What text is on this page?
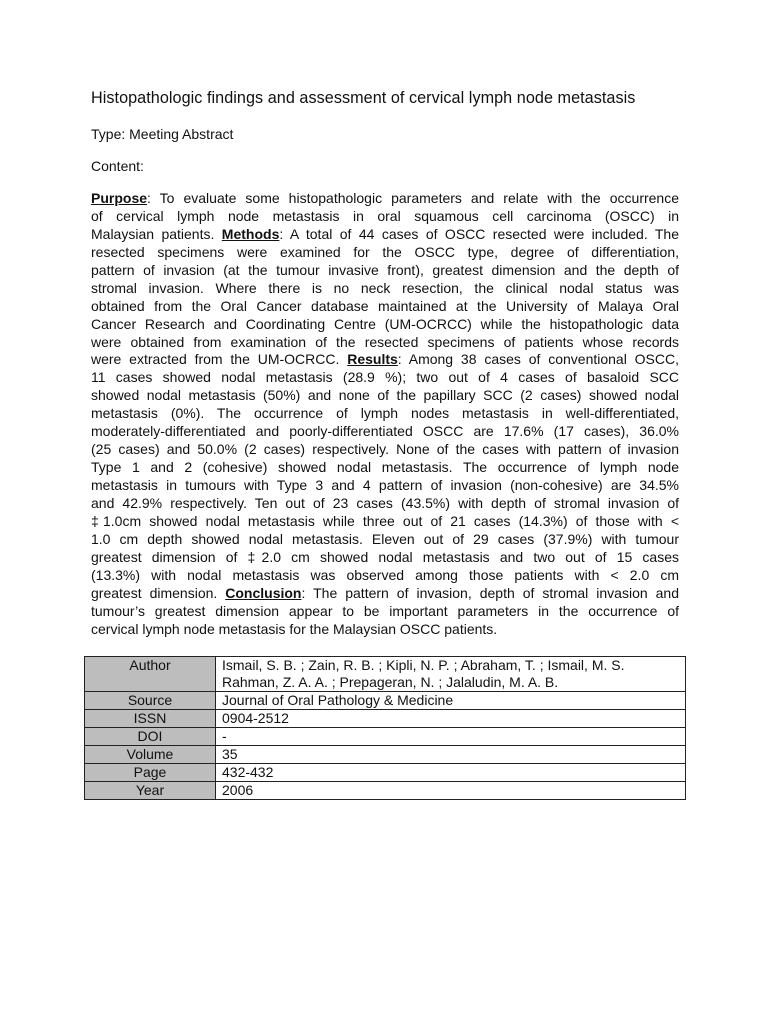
Histopathologic findings and assessment of cervical lymph node metastasis
Type: Meeting Abstract
Content:
Purpose: To evaluate some histopathologic parameters and relate with the occurrence
of cervical lymph node metastasis in oral squamous cell carcinoma (OSCC) in
Malaysian patients. Methods: A total of 44 cases of OSCC resected were included. The
resected specimens were examined for the OSCC type, degree of differentiation,
pattern of invasion (at the tumour invasive front), greatest dimension and the depth of
stromal invasion. Where there is no neck resection, the clinical nodal status was
obtained from the Oral Cancer database maintained at the University of Malaya Oral
Cancer Research and Coordinating Centre (UM-OCRCC) while the histopathologic data
were obtained from examination of the resected specimens of patients whose records
were extracted from the UM-OCRCC. Results: Among 38 cases of conventional OSCC,
11 cases showed nodal metastasis (28.9 %); two out of 4 cases of basaloid SCC
showed nodal metastasis (50%) and none of the papillary SCC (2 cases) showed nodal
metastasis (0%). The occurrence of lymph nodes metastasis in well-differentiated,
moderately-differentiated and poorly-differentiated OSCC are 17.6% (17 cases), 36.0%
(25 cases) and 50.0% (2 cases) respectively. None of the cases with pattern of invasion
Type 1 and 2 (cohesive) showed nodal metastasis. The occurrence of lymph node
metastasis in tumours with Type 3 and 4 pattern of invasion (non-cohesive) are 34.5%
and 42.9% respectively. Ten out of 23 cases (43.5%) with depth of stromal invasion of
‡1.0cm showed nodal metastasis while three out of 21 cases (14.3%) of those with <
1.0 cm depth showed nodal metastasis. Eleven out of 29 cases (37.9%) with tumour
greatest dimension of ‡2.0 cm showed nodal metastasis and two out of 15 cases
(13.3%) with nodal metastasis was observed among those patients with < 2.0 cm
greatest dimension. Conclusion: The pattern of invasion, depth of stromal invasion and
tumour’s greatest dimension appear to be important parameters in the occurrence of
cervical lymph node metastasis for the Malaysian OSCC patients.
Author	Ismail, S. B. ; Zain, R. B. ; Kipli, N. P. ; Abraham, T. ; Ismail, M. S.
Rahman, Z. A. A. ; Prepageran, N. ; Jalaludin, M. A. B.

Source	Journal of Oral Pathology & Medicine

ISSN	0904-2512

DOI	-

Volume	35

Page	432-432

Year	2006
